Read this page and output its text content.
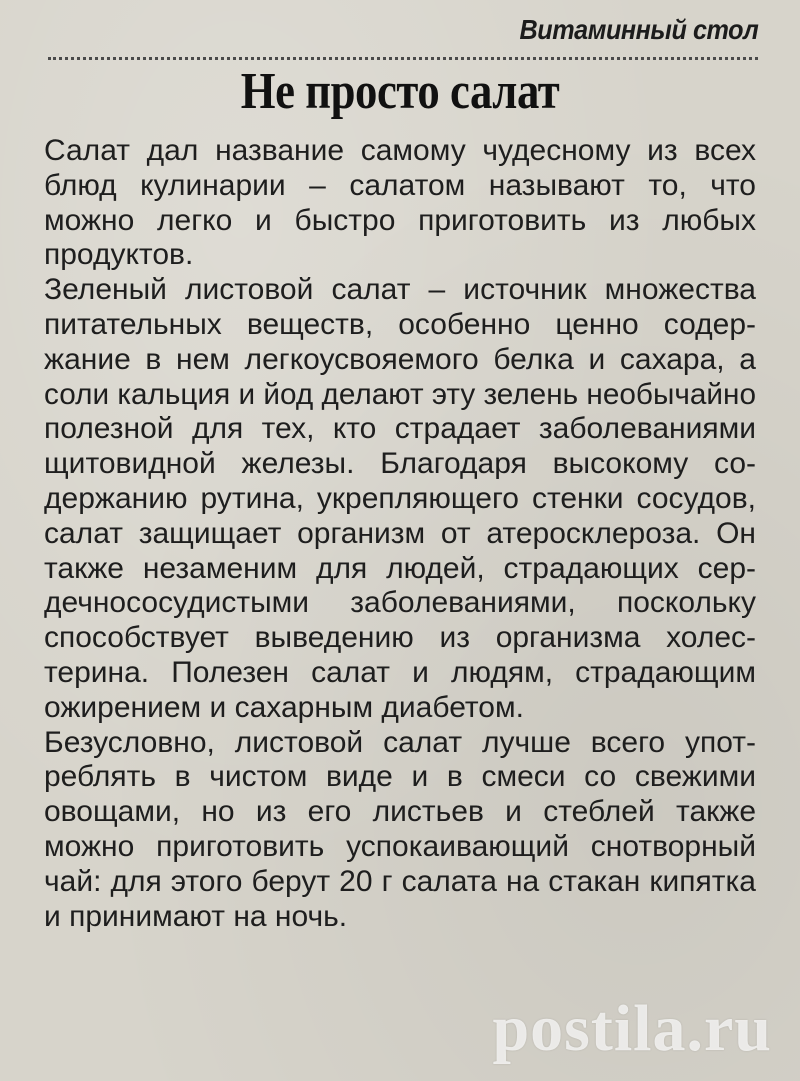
Витаминный стол
Не просто салат

Салат дал название самому чудесному из всех
блюд кулинарии – салатом называют то, что
можно легко и быстро приготовить из любых
продуктов.

Зеленый листовой салат – источник множества
питательных веществ, особенно ценно содер-
жание в нем легкоусвояемого белка и сахара, а
соли кальция и йод делают эту зелень необычайно
полезной для тех, кто страдает заболеваниями
щитовидной железы. Благодаря высокому со-
держанию рутина, укрепляющего стенки сосудов,
салат защищает организм от атеросклероза. Он
также незаменим для людей, страдающих сер-
дечнососудистыми заболеваниями, поскольку
способствует выведению из организма холес-
терина. Полезен салат и людям, страдающим
ожирением и сахарным диабетом.

Безусловно, листовой салат лучше всего упот-
реблять в чистом виде и в смеси со свежими
овощами, но из его листьев и стеблей также
можно приготовить успокаивающий снотворный
чай: для этого берут 20 г салата на стакан кипятка
и принимают на ночь.

postila.ru
